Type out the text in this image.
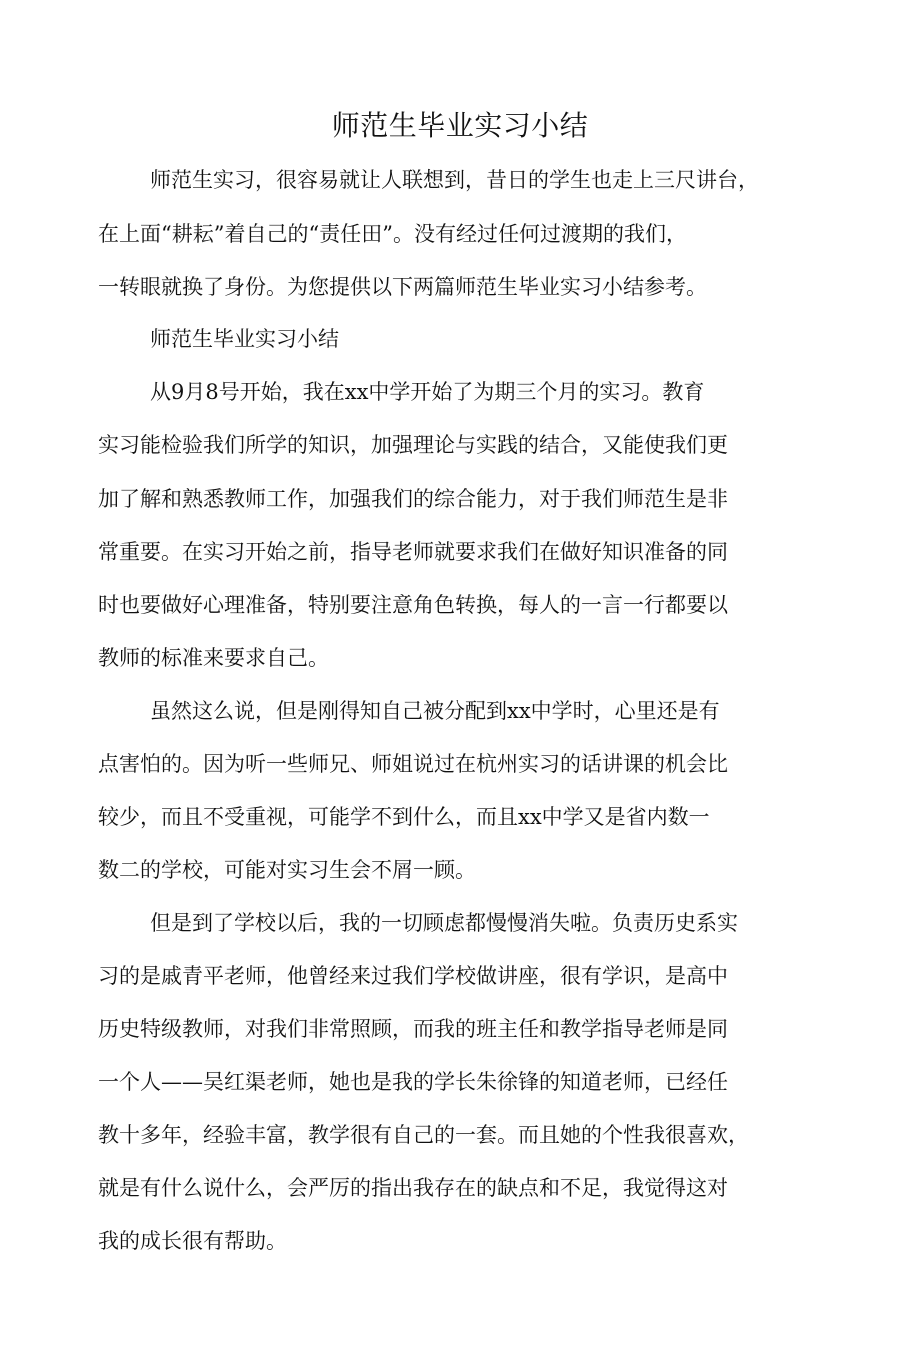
师范生毕业实习小结
师范生实习，很容易就让人联想到，昔日的学生也走上三尺讲台，
在上面“耕耘”着自己的“责任田”。没有经过任何过渡期的我们，
一转眼就换了身份。为您提供以下两篇师范生毕业实习小结参考。
师范生毕业实习小结
从9月8号开始，我在xx中学开始了为期三个月的实习。教育
实习能检验我们所学的知识，加强理论与实践的结合，又能使我们更
加了解和熟悉教师工作，加强我们的综合能力，对于我们师范生是非
常重要。在实习开始之前，指导老师就要求我们在做好知识准备的同
时也要做好心理准备，特别要注意角色转换，每人的一言一行都要以
教师的标准来要求自己。
虽然这么说，但是刚得知自己被分配到xx中学时，心里还是有
点害怕的。因为听一些师兄、师姐说过在杭州实习的话讲课的机会比
较少，而且不受重视，可能学不到什么，而且xx中学又是省内数一
数二的学校，可能对实习生会不屑一顾。
但是到了学校以后，我的一切顾虑都慢慢消失啦。负责历史系实
习的是戚青平老师，他曾经来过我们学校做讲座，很有学识，是高中
历史特级教师，对我们非常照顾，而我的班主任和教学指导老师是同
一个人——吴红渠老师，她也是我的学长朱徐锋的知道老师，已经任
教十多年，经验丰富，教学很有自己的一套。而且她的个性我很喜欢，
就是有什么说什么，会严厉的指出我存在的缺点和不足，我觉得这对
我的成长很有帮助。
